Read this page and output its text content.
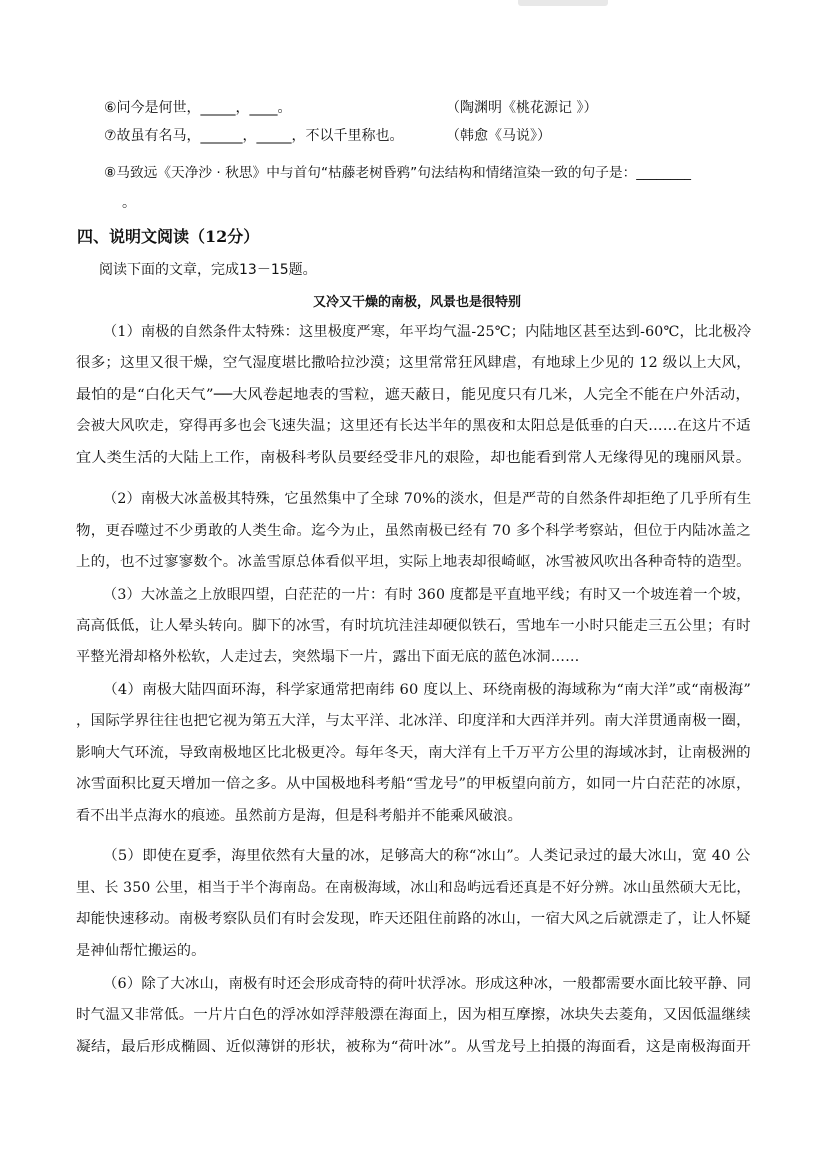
⑥问今是何世，_____，____。	（陶渊明《桃花源记 》）
⑦故虽有名马，______，_____，不以千里称也。	（韩愈《马说》）
⑧马致远《天净沙 · 秋思》中与首句“枯藤老树昏鸦”句法结构和情绪渲染一致的句子是：________
。
四、说明文阅读（12分）
阅读下面的文章，完成13－15题。
又冷又干燥的南极，风景也是很特别
（1）南极的自然条件太特殊：这里极度严寒，年平均气温-25℃；内陆地区甚至达到-60℃，比北极冷
很多；这里又很干燥，空气湿度堪比撒哈拉沙漠；这里常常狂风肆虐，有地球上少见的 12 级以上大风，
最怕的是“白化天气”──大风卷起地表的雪粒，遮天蔽日，能见度只有几米，人完全不能在户外活动，
会被大风吹走，穿得再多也会飞速失温；这里还有长达半年的黑夜和太阳总是低垂的白天……在这片不适
宜人类生活的大陆上工作，南极科考队员要经受非凡的艰险，却也能看到常人无缘得见的瑰丽风景。
（2）南极大冰盖极其特殊，它虽然集中了全球 70%的淡水，但是严苛的自然条件却拒绝了几乎所有生
物，更吞噬过不少勇敢的人类生命。迄今为止，虽然南极已经有 70 多个科学考察站，但位于内陆冰盖之
上的，也不过寥寥数个。冰盖雪原总体看似平坦，实际上地表却很崎岖，冰雪被风吹出各种奇特的造型。
（3）大冰盖之上放眼四望，白茫茫的一片：有时 360 度都是平直地平线；有时又一个坡连着一个坡，
高高低低，让人晕头转向。脚下的冰雪，有时坑坑洼洼却硬似铁石，雪地车一小时只能走三五公里；有时
平整光滑却格外松软，人走过去，突然塌下一片，露出下面无底的蓝色冰洞……
（4）南极大陆四面环海，科学家通常把南纬 60 度以上、环绕南极的海域称为“南大洋”或“南极海”
，国际学界往往也把它视为第五大洋，与太平洋、北冰洋、印度洋和大西洋并列。南大洋贯通南极一圈，
影响大气环流，导致南极地区比北极更冷。每年冬天，南大洋有上千万平方公里的海域冰封，让南极洲的
冰雪面积比夏天增加一倍之多。从中国极地科考船“雪龙号”的甲板望向前方，如同一片白茫茫的冰原，
看不出半点海水的痕迹。虽然前方是海，但是科考船并不能乘风破浪。
（5）即使在夏季，海里依然有大量的冰，足够高大的称“冰山”。人类记录过的最大冰山，宽 40 公
里、长 350 公里，相当于半个海南岛。在南极海域，冰山和岛屿远看还真是不好分辨。冰山虽然硕大无比，
却能快速移动。南极考察队员们有时会发现，昨天还阻住前路的冰山，一宿大风之后就漂走了，让人怀疑
是神仙帮忙搬运的。
（6）除了大冰山，南极有时还会形成奇特的荷叶状浮冰。形成这种冰，一般都需要水面比较平静、同
时气温又非常低。一片片白色的浮冰如浮萍般漂在海面上，因为相互摩擦，冰块失去菱角，又因低温继续
凝结，最后形成椭圆、近似薄饼的形状，被称为“荷叶冰”。从雪龙号上拍摄的海面看，这是南极海面开
